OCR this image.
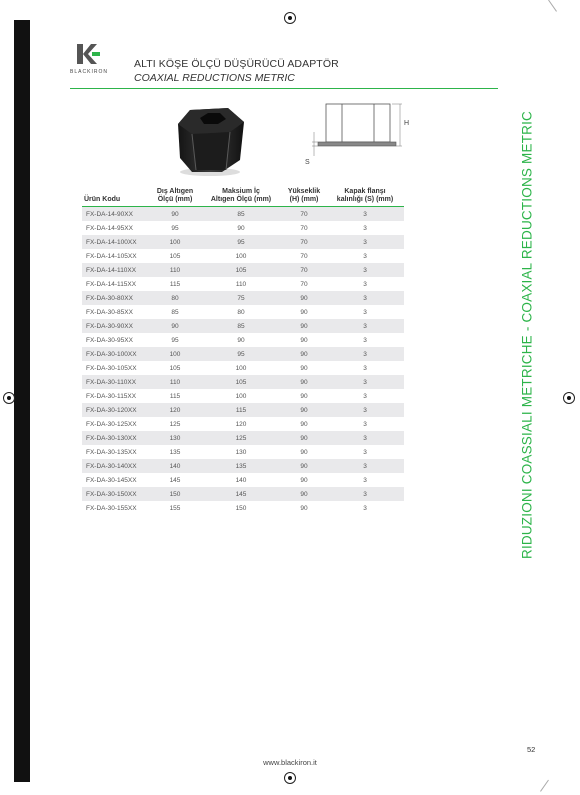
BLACKIRON
ALTI KÖŞE ÖLÇÜ DÜŞÜRÜCÜ ADAPTÖR
COAXIAL REDUCTIONS METRIC
RIDUZIONI COASSIALI METRICHE - COAXIAL REDUCTIONS METRIC
H
S
Ürün Kodu
Dış Altıgen
Ölçü (mm)
Maksium İç
Altıgen Ölçü (mm)
Yükseklik
(H) (mm)
Kapak flanşı
kalınlığı (S) (mm)
FX-DA-14-90XX	90	85	70	3
FX-DA-14-95XX	95	90	70	3
FX-DA-14-100XX	100	95	70	3
FX-DA-14-105XX	105	100	70	3
FX-DA-14-110XX	110	105	70	3
FX-DA-14-115XX	115	110	70	3
FX-DA-30-80XX	80	75	90	3
FX-DA-30-85XX	85	80	90	3
FX-DA-30-90XX	90	85	90	3
FX-DA-30-95XX	95	90	90	3
FX-DA-30-100XX	100	95	90	3
FX-DA-30-105XX	105	100	90	3
FX-DA-30-110XX	110	105	90	3
FX-DA-30-115XX	115	100	90	3
FX-DA-30-120XX	120	115	90	3
FX-DA-30-125XX	125	120	90	3
FX-DA-30-130XX	130	125	90	3
FX-DA-30-135XX	135	130	90	3
FX-DA-30-140XX	140	135	90	3
FX-DA-30-145XX	145	140	90	3
FX-DA-30-150XX	150	145	90	3
FX-DA-30-155XX	155	150	90	3
www.blackiron.it
52
